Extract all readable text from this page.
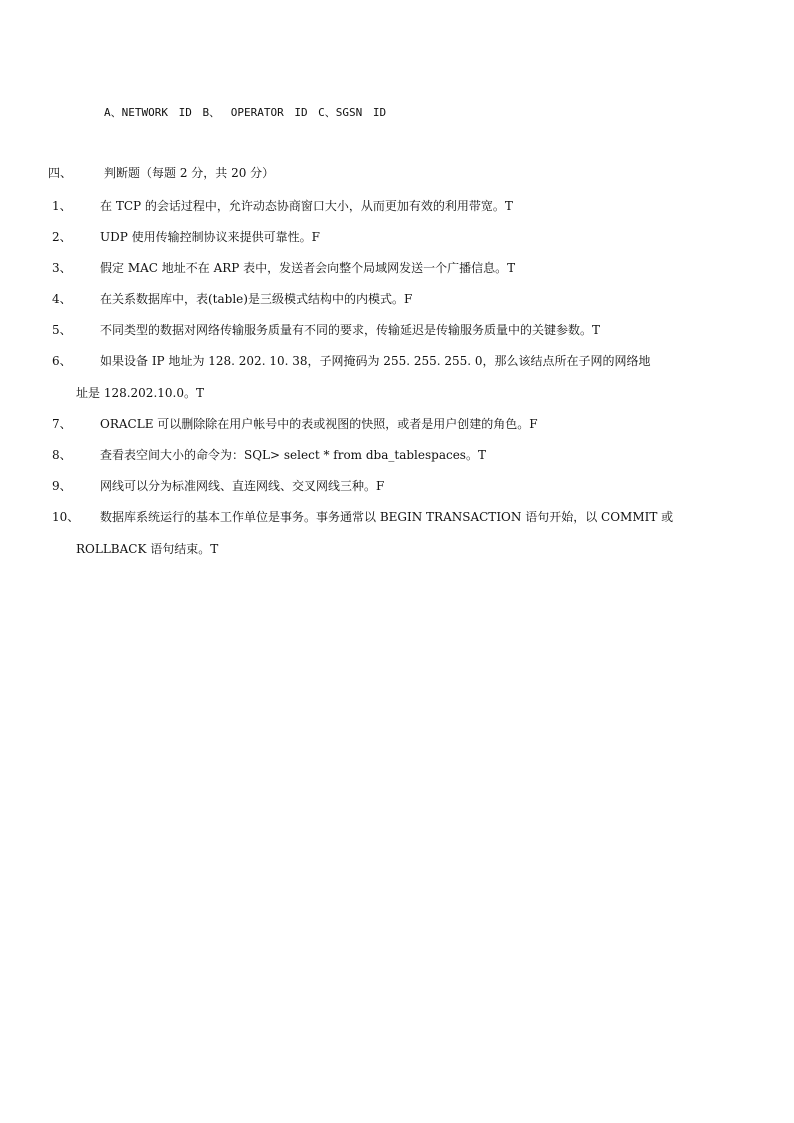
A、NETWORK ID B、 OPERATOR ID C、SGSN ID
四、	判断题（每题 2 分，共 20 分）
1、 在 TCP 的会话过程中，允许动态协商窗口大小，从而更加有效的利用带宽。T
2、 UDP 使用传输控制协议来提供可靠性。F
3、 假定 MAC 地址不在 ARP 表中，发送者会向整个局域网发送一个广播信息。T
4、 在关系数据库中，表(table)是三级模式结构中的内模式。F
5、 不同类型的数据对网络传输服务质量有不同的要求，传输延迟是传输服务质量中的关键参数。T
6、 如果设备 IP 地址为 128. 202. 10. 38，子网掩码为 255. 255. 255. 0，那么该结点所在子网的网络地
址是 128.202.10.0。T
7、 ORACLE 可以删除除在用户帐号中的表或视图的快照，或者是用户创建的角色。F
8、 查看表空间大小的命令为：SQL> select * from dba_tablespaces。T
9、 网线可以分为标准网线、直连网线、交叉网线三种。F
10、 数据库系统运行的基本工作单位是事务。事务通常以 BEGIN TRANSACTION 语句开始，以 COMMIT 或
ROLLBACK 语句结束。T
